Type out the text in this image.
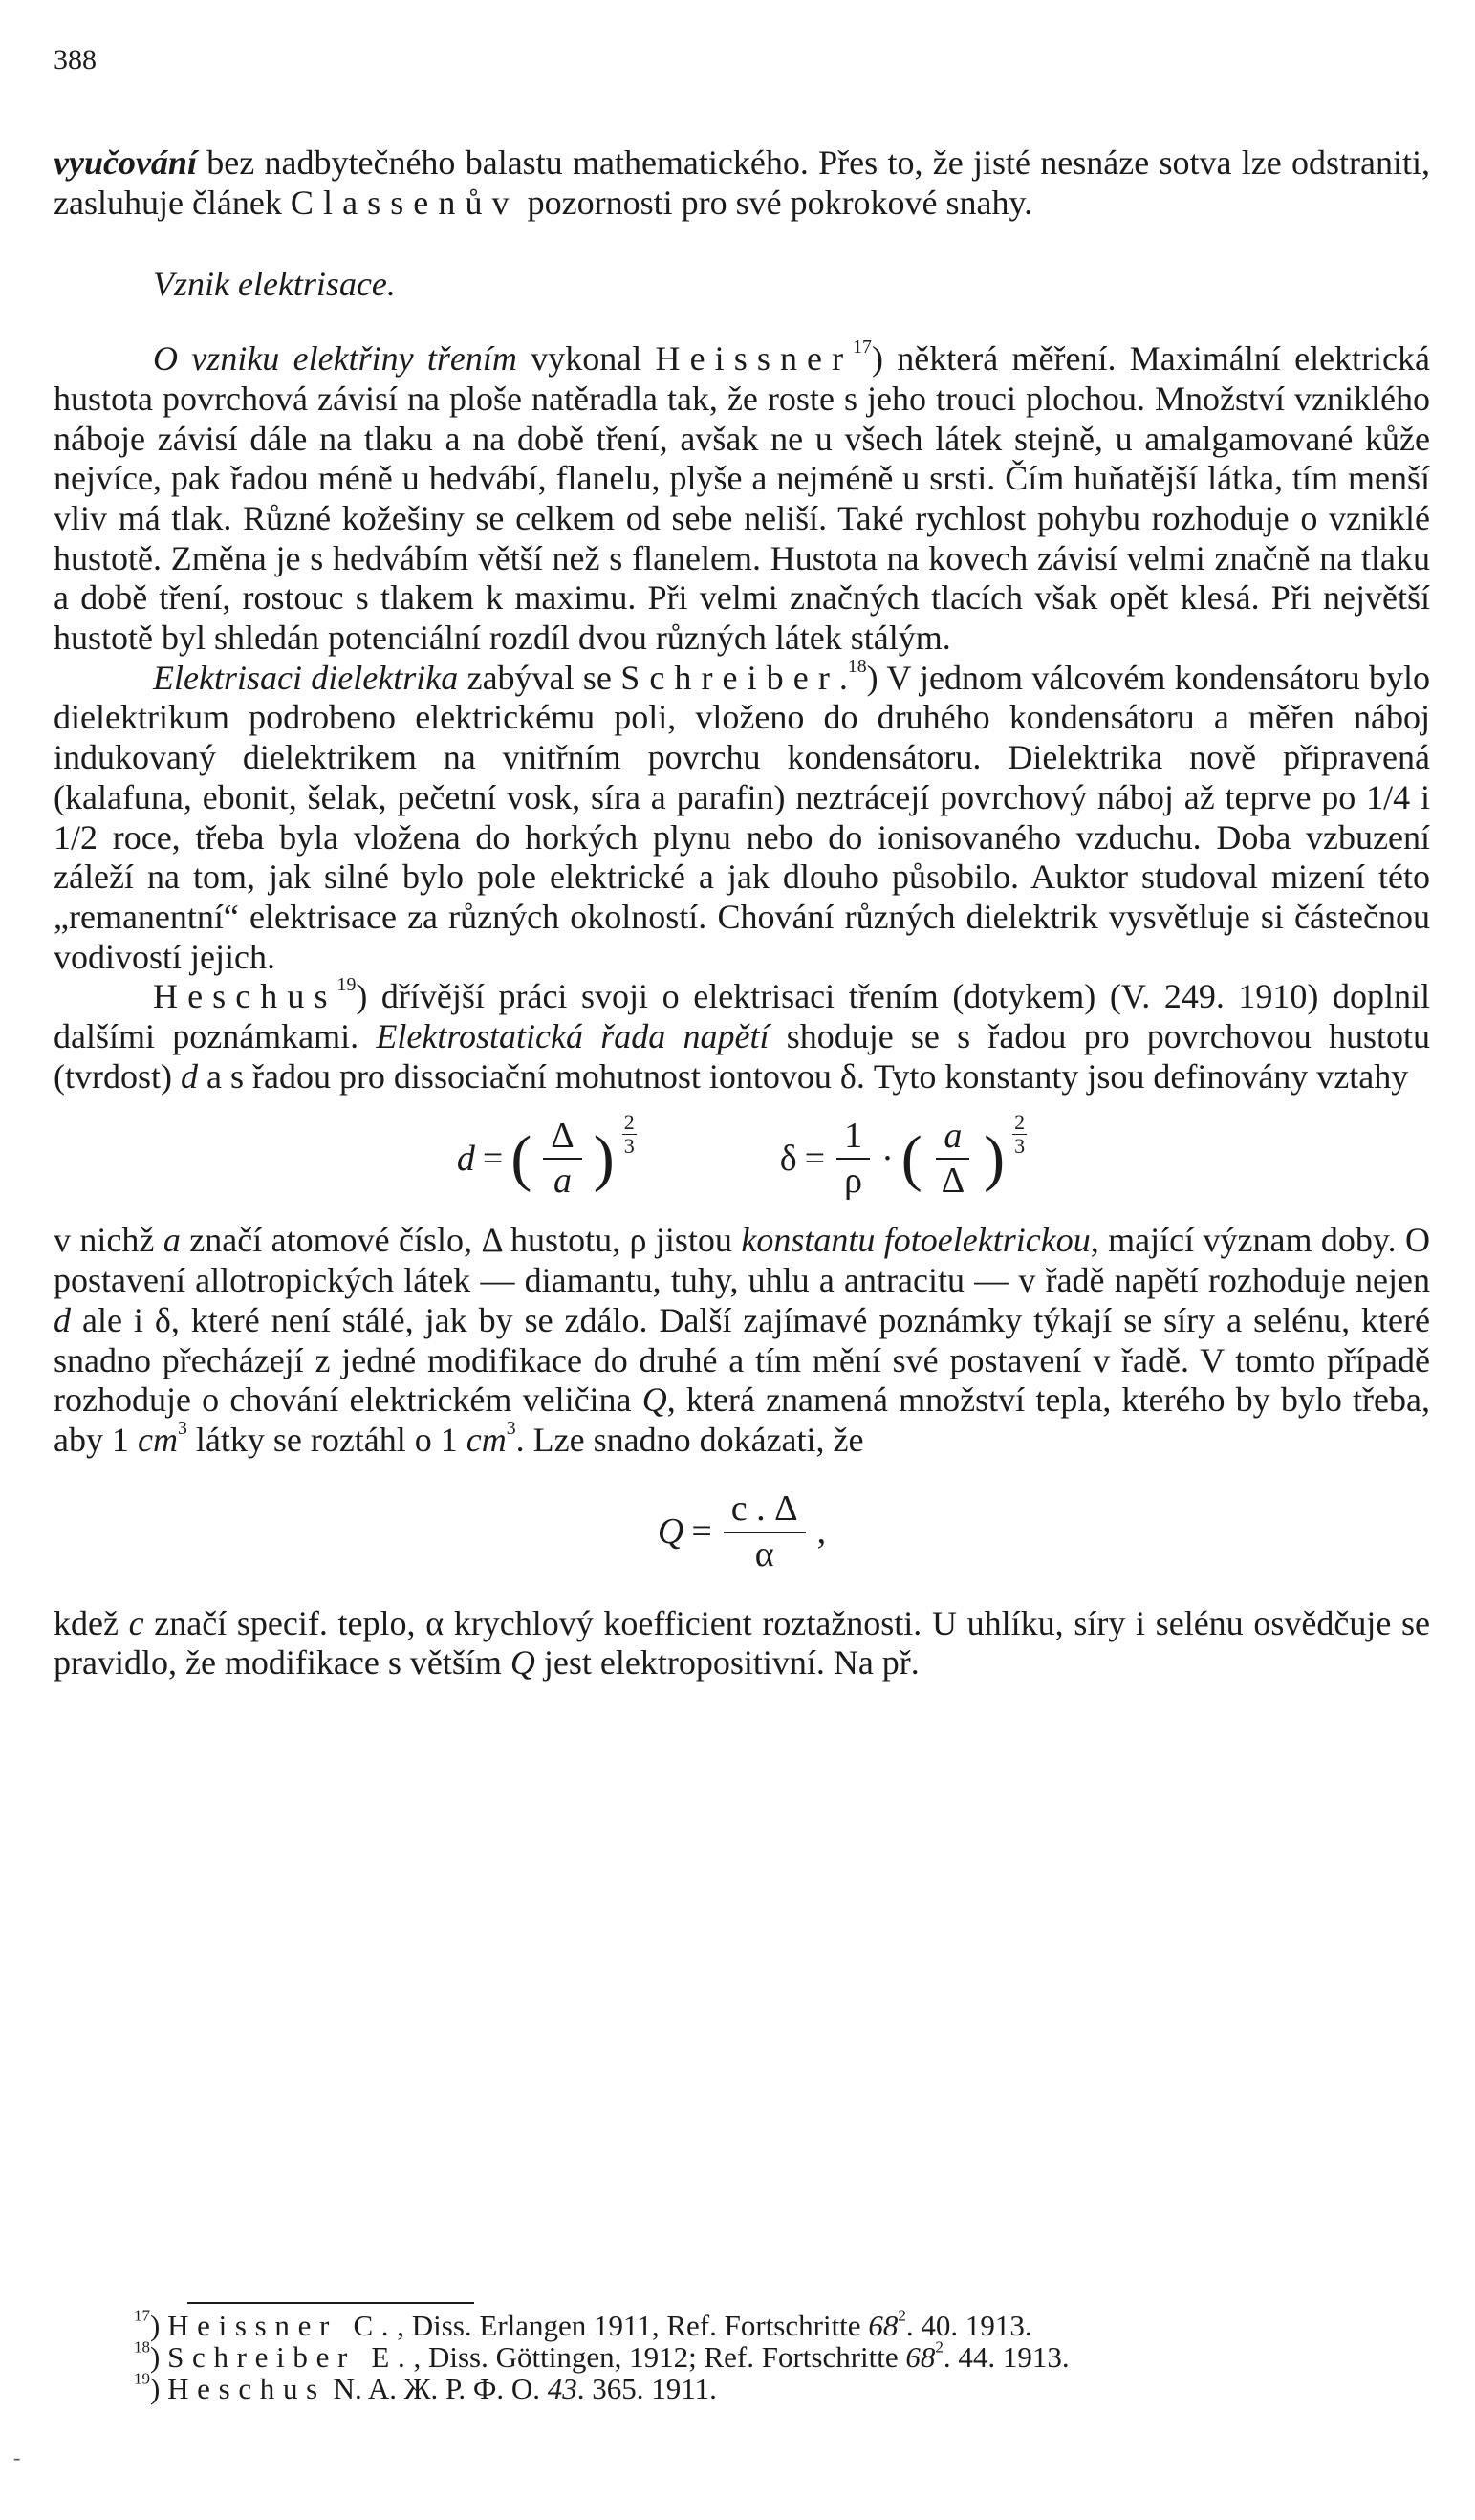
388

vyučování bez nadbytečného balastu mathematického. Přes to, že jisté nesnáze sotva lze odstraniti, zasluhuje článek Classenův pozornosti pro své pokrokové snahy.

Vznik elektrisace.

O vzniku elektřiny třením vykonal Heissner$^{17}$) některá měření. Maximální elektrická hustota povrchová závisí na ploše natěradla tak, že roste s jeho trouci plochou. Množství vzniklého náboje závisí dále na tlaku a na době tření, avšak ne u všech látek stejně, u amalgamované kůže nejvíce, pak řadou méně u hedvábí, flanelu, plyše a nejméně u srsti. Čím huňatější látka, tím menší vliv má tlak. Různé kožešiny se celkem od sebe neliší. Také rychlost pohybu rozhoduje o vzniklé hustotě. Změna je s hedvábím větší než s flanelem. Hustota na kovech závisí velmi značně na tlaku a době tření, rostouc s tlakem k maximu. Při velmi značných tlacích však opět klesá. Při největší hustotě byl shledán potenciální rozdíl dvou různých látek stálým.

Elektrisaci dielektrika zabýval se Schreiber.$^{18}$) V jednom válcovém kondensátoru bylo dielektrikum podrobeno elektrickému poli, vloženo do druhého kondensátoru a měřen náboj indukovaný dielektrikem na vnitřním povrchu kondensátoru. Dielektrika nově připravená (kalafuna, ebonit, šelak, pečetní vosk, síra a parafin) neztrácejí povrchový náboj až teprve po 1/4 i 1/2 roce, třeba byla vložena do horkých plynu nebo do ionisovaného vzduchu. Doba vzbuzení záleží na tom, jak silné bylo pole elektrické a jak dlouho působilo. Auktor studoval mizení této „remanentní“ elektrisace za různých okolností. Chování různých dielektrik vysvětluje si částečnou vodivostí jejich.

Heschus$^{19}$) dřívější práci svoji o elektrisaci třením (dotykem) (V. 249. 1910) doplnil dalšími poznámkami. Elektrostatická řada napětí shoduje se s řadou pro povrchovou hustotu (tvrdost) d a s řadou pro dissociační mohutnost iontovou δ. Tyto konstanty jsou definovány vztahy

d = ( $\frac{\Delta}{a}$ ) $\frac{2}{3}$
$\delta = \frac{1}{\rho}$ · ( $\frac{a}{\Delta}$ ) $\frac{2}{3}$

v nichž a značí atomové číslo, Δ hustotu, ρ jistou konstantu fotoelektrickou, mající význam doby. O postavení allotropických látek — diamantu, tuhy, uhlu a antracitu — v řadě napětí rozhoduje nejen d ale i δ, které není stálé, jak by se zdálo. Další zajímavé poznámky týkají se síry a selénu, které snadno přecházejí z jedné modifikace do druhé a tím mění své postavení v řadě. V tomto případě rozhoduje o chování elektrickém veličina Q, která znamená množství tepla, kterého by bylo třeba, aby 1 $cm^3$ látky se roztáhl o 1 $cm^3$. Lze snadno dokázati, že

$Q = \frac{c . \Delta}{\alpha}$ ,

kdež c značí specif. teplo, α krychlový koefficient roztažnosti. U uhlíku, síry i selénu osvědčuje se pravidlo, že modifikace s větším Q jest elektropositivní. Na př.

$^{17}$) Heissner C., Diss. Erlangen 1911, Ref. Fortschritte $68^2$. 40. 1913.

$^{18}$) Schreiber E., Diss. Göttingen, 1912; Ref. Fortschritte $68^2$. 44. 1913.

$^{19}$) Heschus N. A. Ж. Р. Ф. О. 43. 365. 1911.

-
